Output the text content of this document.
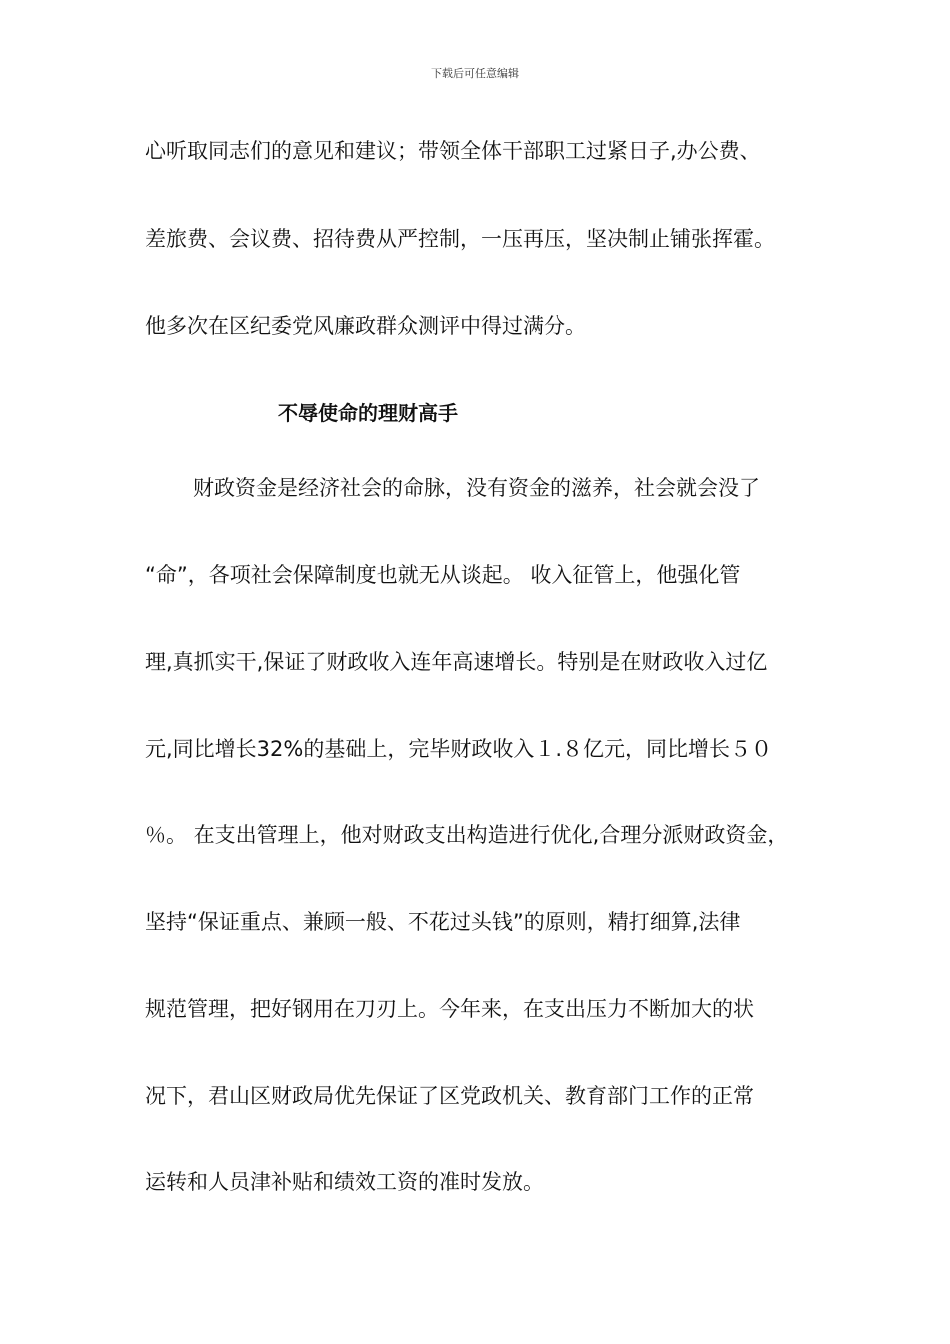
下载后可任意编辑
心听取同志们的意见和建议；带领全体干部职工过紧日子,办公费、
差旅费、会议费、招待费从严控制，一压再压，坚决制止铺张挥霍。
他多次在区纪委党风廉政群众测评中得过满分。
不辱使命的理财高手
财政资金是经济社会的命脉，没有资金的滋养，社会就会没了
“命”，各项社会保障制度也就无从谈起。 收入征管上，他强化管
理,真抓实干,保证了财政收入连年高速增长。特别是在财政收入过亿
元,同比增长32%的基础上，完毕财政收入１.８亿元，同比增长５０
％。 在支出管理上，他对财政支出构造进行优化,合理分派财政资金，
坚持“保证重点、兼顾一般、不花过头钱”的原则，精打细算,法律
规范管理，把好钢用在刀刃上。今年来，在支出压力不断加大的状
况下，君山区财政局优先保证了区党政机关、教育部门工作的正常
运转和人员津补贴和绩效工资的准时发放。
